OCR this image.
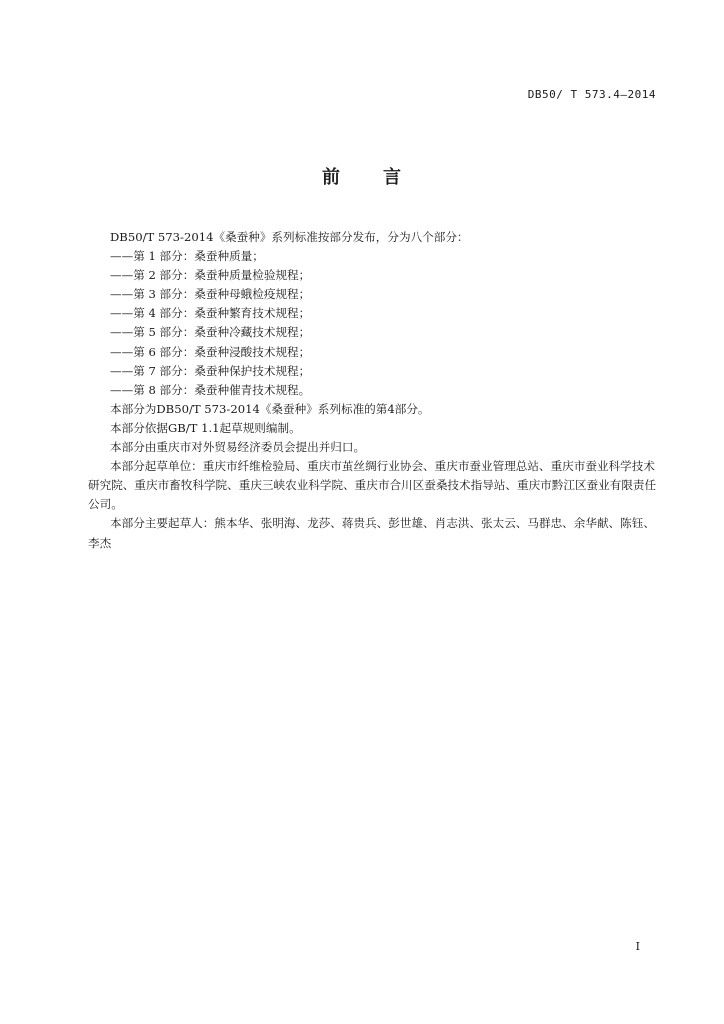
DB50/ T 573.4—2014
前 言

DB50/T 573-2014《桑蚕种》系列标准按部分发布，分为八个部分：

——第 1 部分：桑蚕种质量；

——第 2 部分：桑蚕种质量检验规程；

——第 3 部分：桑蚕种母蛾检疫规程；

——第 4 部分：桑蚕种繁育技术规程；

——第 5 部分：桑蚕种冷藏技术规程；

——第 6 部分：桑蚕种浸酸技术规程；

——第 7 部分：桑蚕种保护技术规程；

——第 8 部分：桑蚕种催青技术规程。

本部分为DB50/T 573-2014《桑蚕种》系列标准的第4部分。

本部分依据GB/T 1.1起草规则编制。

本部分由重庆市对外贸易经济委员会提出并归口。

本部分起草单位：重庆市纤维检验局、重庆市茧丝绸行业协会、重庆市蚕业管理总站、重庆市蚕业科学技术研究院、重庆市畜牧科学院、重庆三峡农业科学院、重庆市合川区蚕桑技术指导站、重庆市黔江区蚕业有限责任公司。

本部分主要起草人：熊本华、张明海、龙莎、蒋贵兵、彭世雄、肖志洪、张太云、马群忠、余华献、陈钰、李杰

I
